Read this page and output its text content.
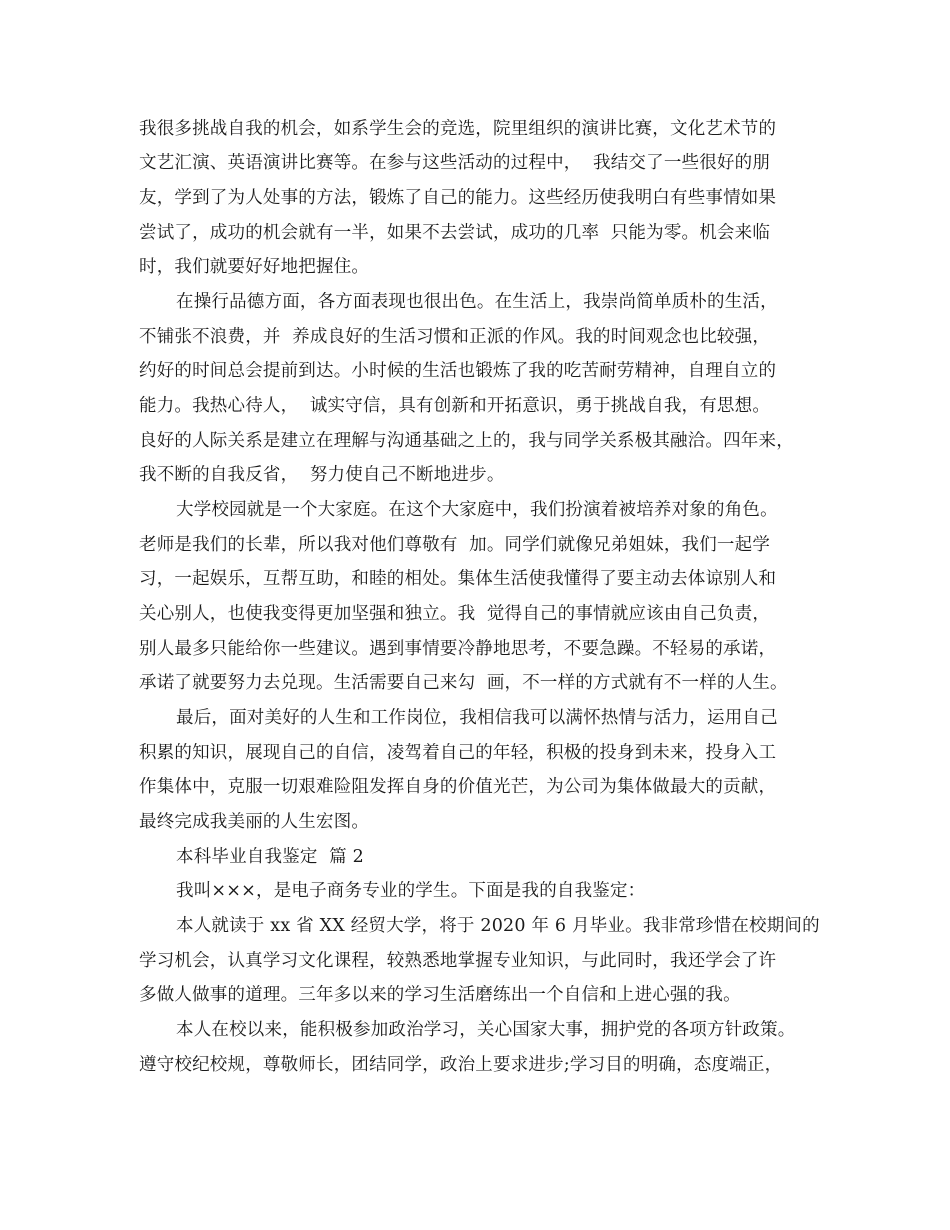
我很多挑战自我的机会，如系学生会的竞选，院里组织的演讲比赛，文化艺术节的
文艺汇演、英语演讲比赛等。在参与这些活动的过程中，  我结交了一些很好的朋
友，学到了为人处事的方法，锻炼了自己的能力。这些经历使我明白有些事情如果
尝试了，成功的机会就有一半，如果不去尝试，成功的几率  只能为零。机会来临
时，我们就要好好地把握住。
在操行品德方面，各方面表现也很出色。在生活上，我崇尚简单质朴的生活，
不铺张不浪费，并  养成良好的生活习惯和正派的作风。我的时间观念也比较强，
约好的时间总会提前到达。小时候的生活也锻炼了我的吃苦耐劳精神，自理自立的
能力。我热心待人，  诚实守信，具有创新和开拓意识，勇于挑战自我，有思想。
良好的人际关系是建立在理解与沟通基础之上的，我与同学关系极其融洽。四年来，
我不断的自我反省，  努力使自己不断地进步。
大学校园就是一个大家庭。在这个大家庭中，我们扮演着被培养对象的角色。
老师是我们的长辈，所以我对他们尊敬有  加。同学们就像兄弟姐妹，我们一起学
习，一起娱乐，互帮互助，和睦的相处。集体生活使我懂得了要主动去体谅别人和
关心别人，也使我变得更加坚强和独立。我  觉得自己的事情就应该由自己负责，
别人最多只能给你一些建议。遇到事情要冷静地思考，不要急躁。不轻易的承诺，
承诺了就要努力去兑现。生活需要自己来勾  画，不一样的方式就有不一样的人生。
最后，面对美好的人生和工作岗位，我相信我可以满怀热情与活力，运用自己
积累的知识，展现自己的自信，凌驾着自己的年轻，积极的投身到未来，投身入工
作集体中，克服一切艰难险阻发挥自身的价值光芒，为公司为集体做最大的贡献，
最终完成我美丽的人生宏图。
本科毕业自我鉴定  篇 2
我叫×××，是电子商务专业的学生。下面是我的自我鉴定：
本人就读于 xx 省 XX 经贸大学，将于 2020 年 6 月毕业。我非常珍惜在校期间的
学习机会，认真学习文化课程，较熟悉地掌握专业知识，与此同时，我还学会了许
多做人做事的道理。三年多以来的学习生活磨练出一个自信和上进心强的我。
本人在校以来，能积极参加政治学习，关心国家大事，拥护党的各项方针政策。
遵守校纪校规，尊敬师长，团结同学，政治上要求进步;学习目的明确，态度端正，
